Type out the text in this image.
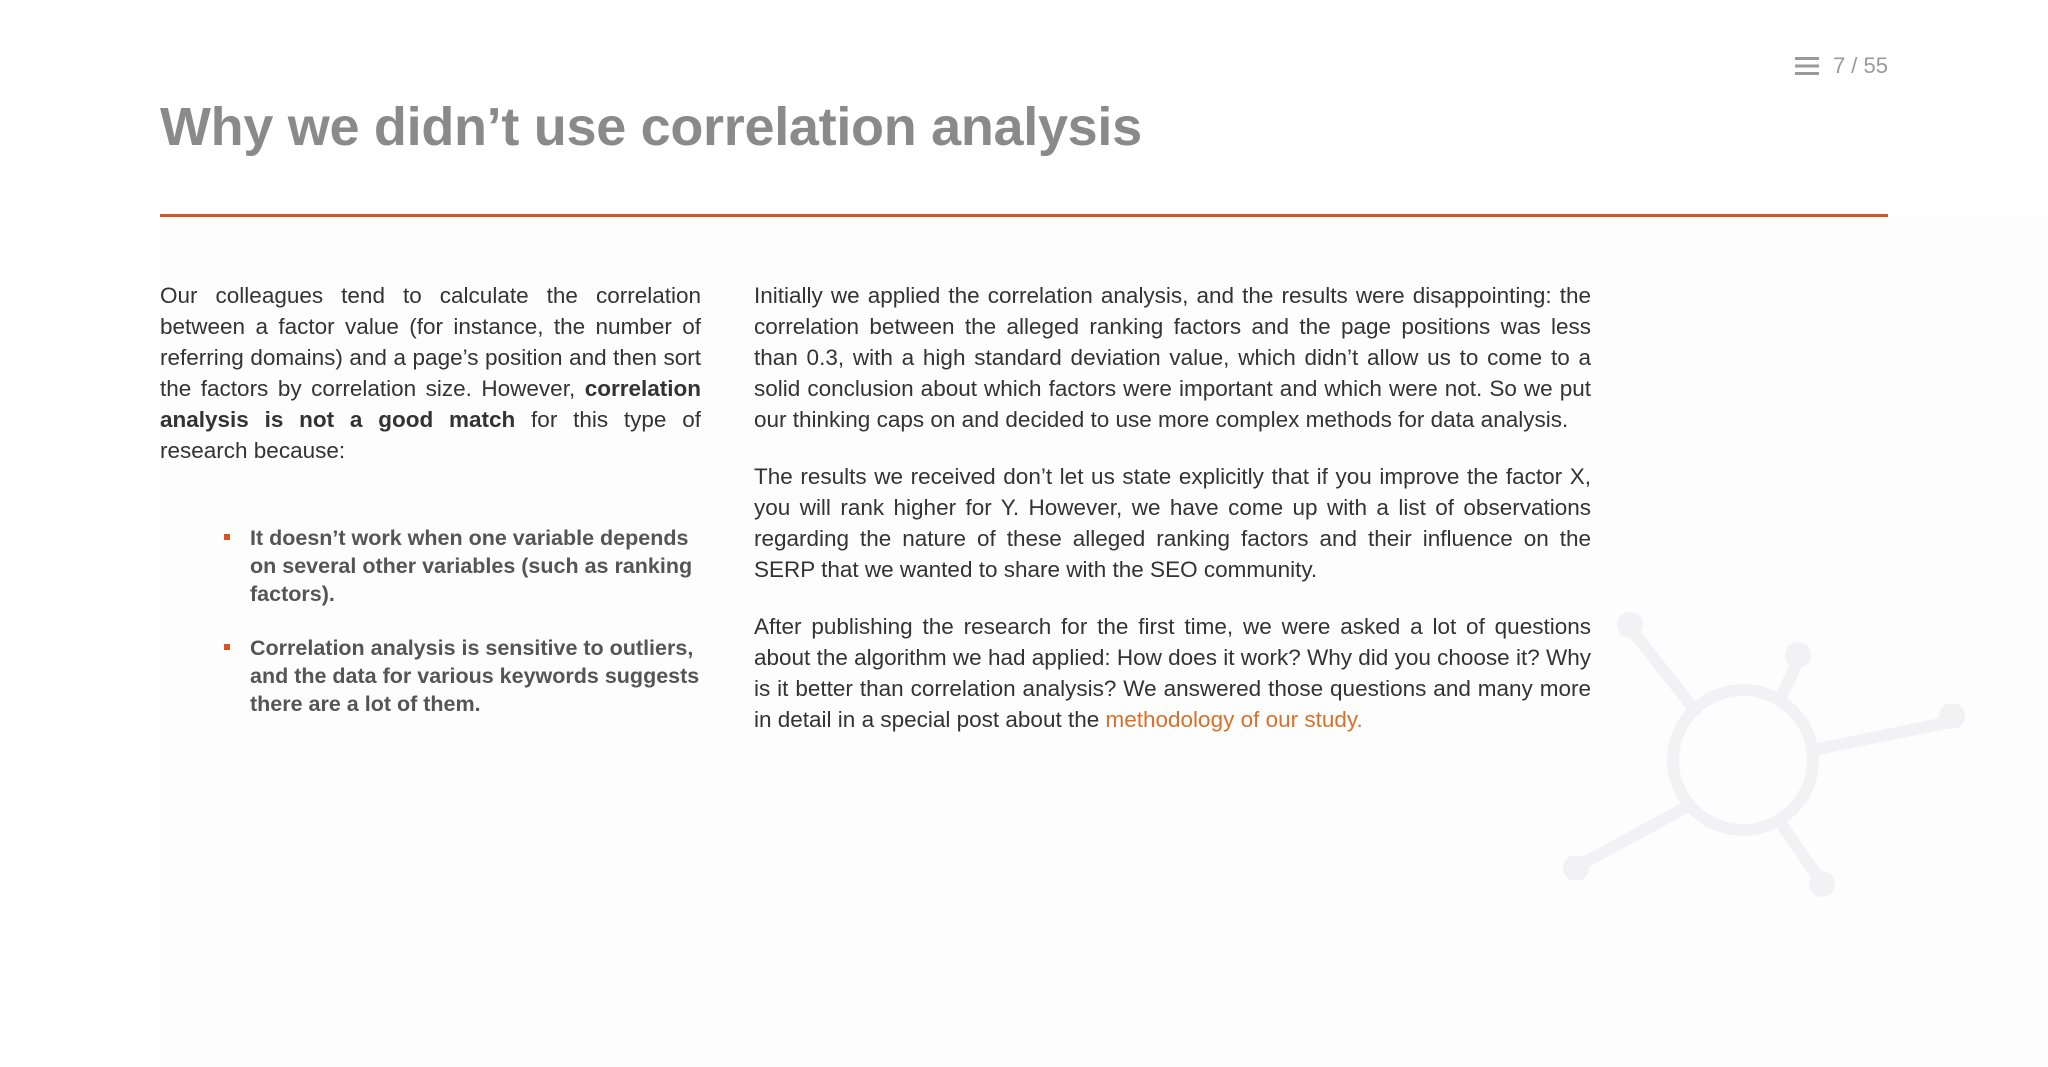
7 / 55
Why we didn’t use correlation analysis

Our colleagues tend to calculate the correlation between a factor value (for instance, the number of referring domains) and a page’s position and then sort the factors by correlation size. However, correlation analysis is not a good match for this type of research because:

It doesn’t work when one variable depends on several other variables (such as ranking factors).
Correlation analysis is sensitive to outliers, and the data for various keywords suggests there are a lot of them.

Initially we applied the correlation analysis, and the results were disappointing: the correlation between the alleged ranking factors and the page positions was less than 0.3, with a high standard deviation value, which didn’t allow us to come to a solid conclusion about which factors were important and which were not. So we put our thinking caps on and decided to use more complex methods for data analysis.

The results we received don’t let us state explicitly that if you improve the factor X, you will rank higher for Y. However, we have come up with a list of observations regarding the nature of these alleged ranking factors and their influence on the SERP that we wanted to share with the SEO community.

After publishing the research for the first time, we were asked a lot of questions about the algorithm we had applied: How does it work? Why did you choose it? Why is it better than correlation analysis? We answered those questions and many more in detail in a special post about the methodology of our study.
